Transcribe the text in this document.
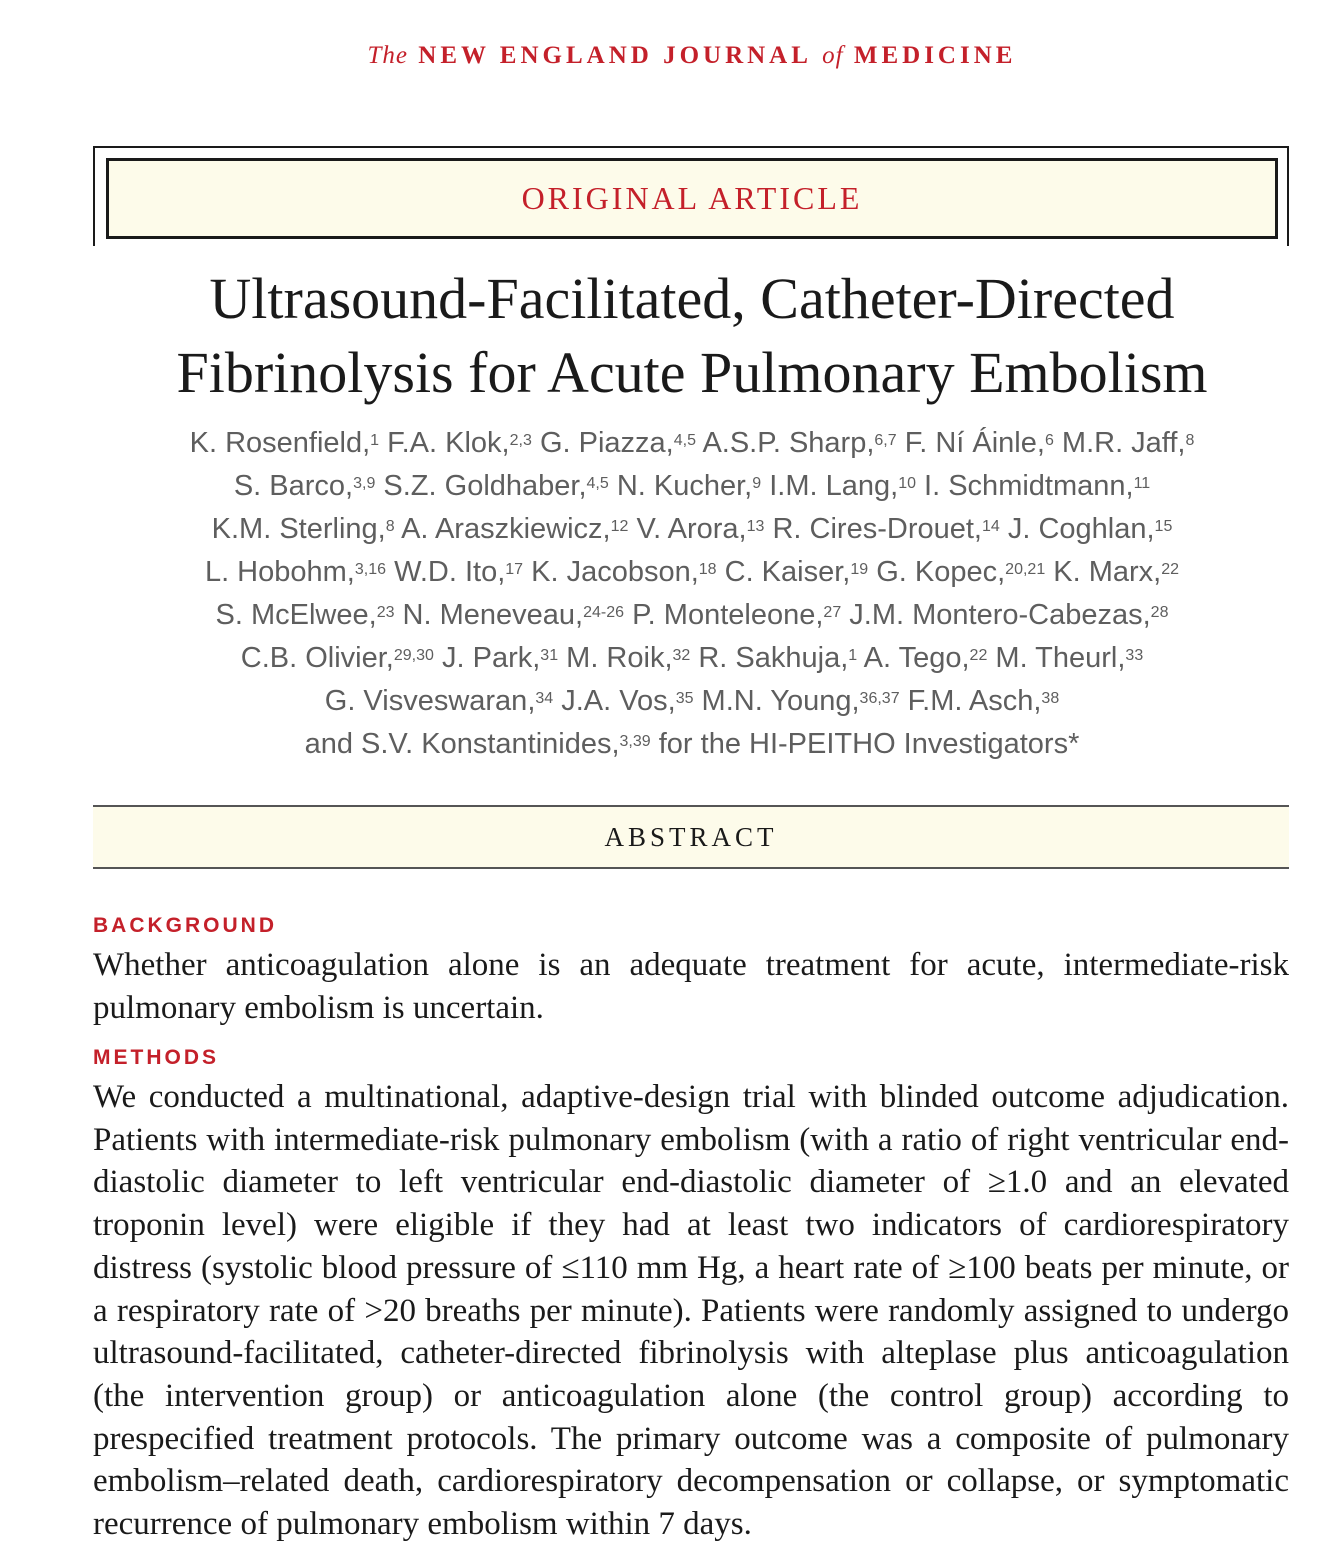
The NEW ENGLAND JOURNAL of MEDICINE
ORIGINAL ARTICLE
Ultrasound-Facilitated, Catheter-Directed
Fibrinolysis for Acute Pulmonary Embolism
K. Rosenfield,$^1$ F.A. Klok,$^{2,3}$ G. Piazza,$^{4,5}$ A.S.P. Sharp,$^{6,7}$ F. Ní Áinle,$^6$ M.R. Jaff,$^8$
S. Barco,$^{3,9}$ S.Z. Goldhaber,$^{4,5}$ N. Kucher,$^9$ I.M. Lang,$^{10}$ I. Schmidtmann,$^{11}$
K.M. Sterling,$^8$ A. Araszkiewicz,$^{12}$ V. Arora,$^{13}$ R. Cires-Drouet,$^{14}$ J. Coghlan,$^{15}$
L. Hobohm,$^{3,16}$ W.D. Ito,$^{17}$ K. Jacobson,$^{18}$ C. Kaiser,$^{19}$ G. Kopec,$^{20,21}$ K. Marx,$^{22}$
S. McElwee,$^{23}$ N. Meneveau,$^{24-26}$ P. Monteleone,$^{27}$ J.M. Montero-Cabezas,$^{28}$
C.B. Olivier,$^{29,30}$ J. Park,$^{31}$ M. Roik,$^{32}$ R. Sakhuja,$^1$ A. Tego,$^{22}$ M. Theurl,$^{33}$
G. Visveswaran,$^{34}$ J.A. Vos,$^{35}$ M.N. Young,$^{36,37}$ F.M. Asch,$^{38}$
and S.V. Konstantinides,$^{3,39}$ for the HI-PEITHO Investigators*
ABSTRACT
BACKGROUND
Whether anticoagulation alone is an adequate treatment for acute, intermediate-risk pulmonary embolism is uncertain.
METHODS
We conducted a multinational, adaptive-design trial with blinded outcome adjudication. Patients with intermediate-risk pulmonary embolism (with a ratio of right ventricular end-diastolic diameter to left ventricular end-diastolic diameter of ≥1.0 and an elevated troponin level) were eligible if they had at least two indicators of cardiorespiratory distress (systolic blood pressure of ≤110 mm Hg, a heart rate of ≥100 beats per minute, or a respiratory rate of >20 breaths per minute). Patients were randomly assigned to undergo ultrasound-facilitated, catheter-directed fibrinolysis with alteplase plus anticoagulation (the intervention group) or anticoagulation alone (the control group) according to prespecified treatment protocols. The primary outcome was a composite of pulmonary embolism–related death, cardiorespiratory decompensation or collapse, or symptomatic recurrence of pulmonary embolism within 7 days.
